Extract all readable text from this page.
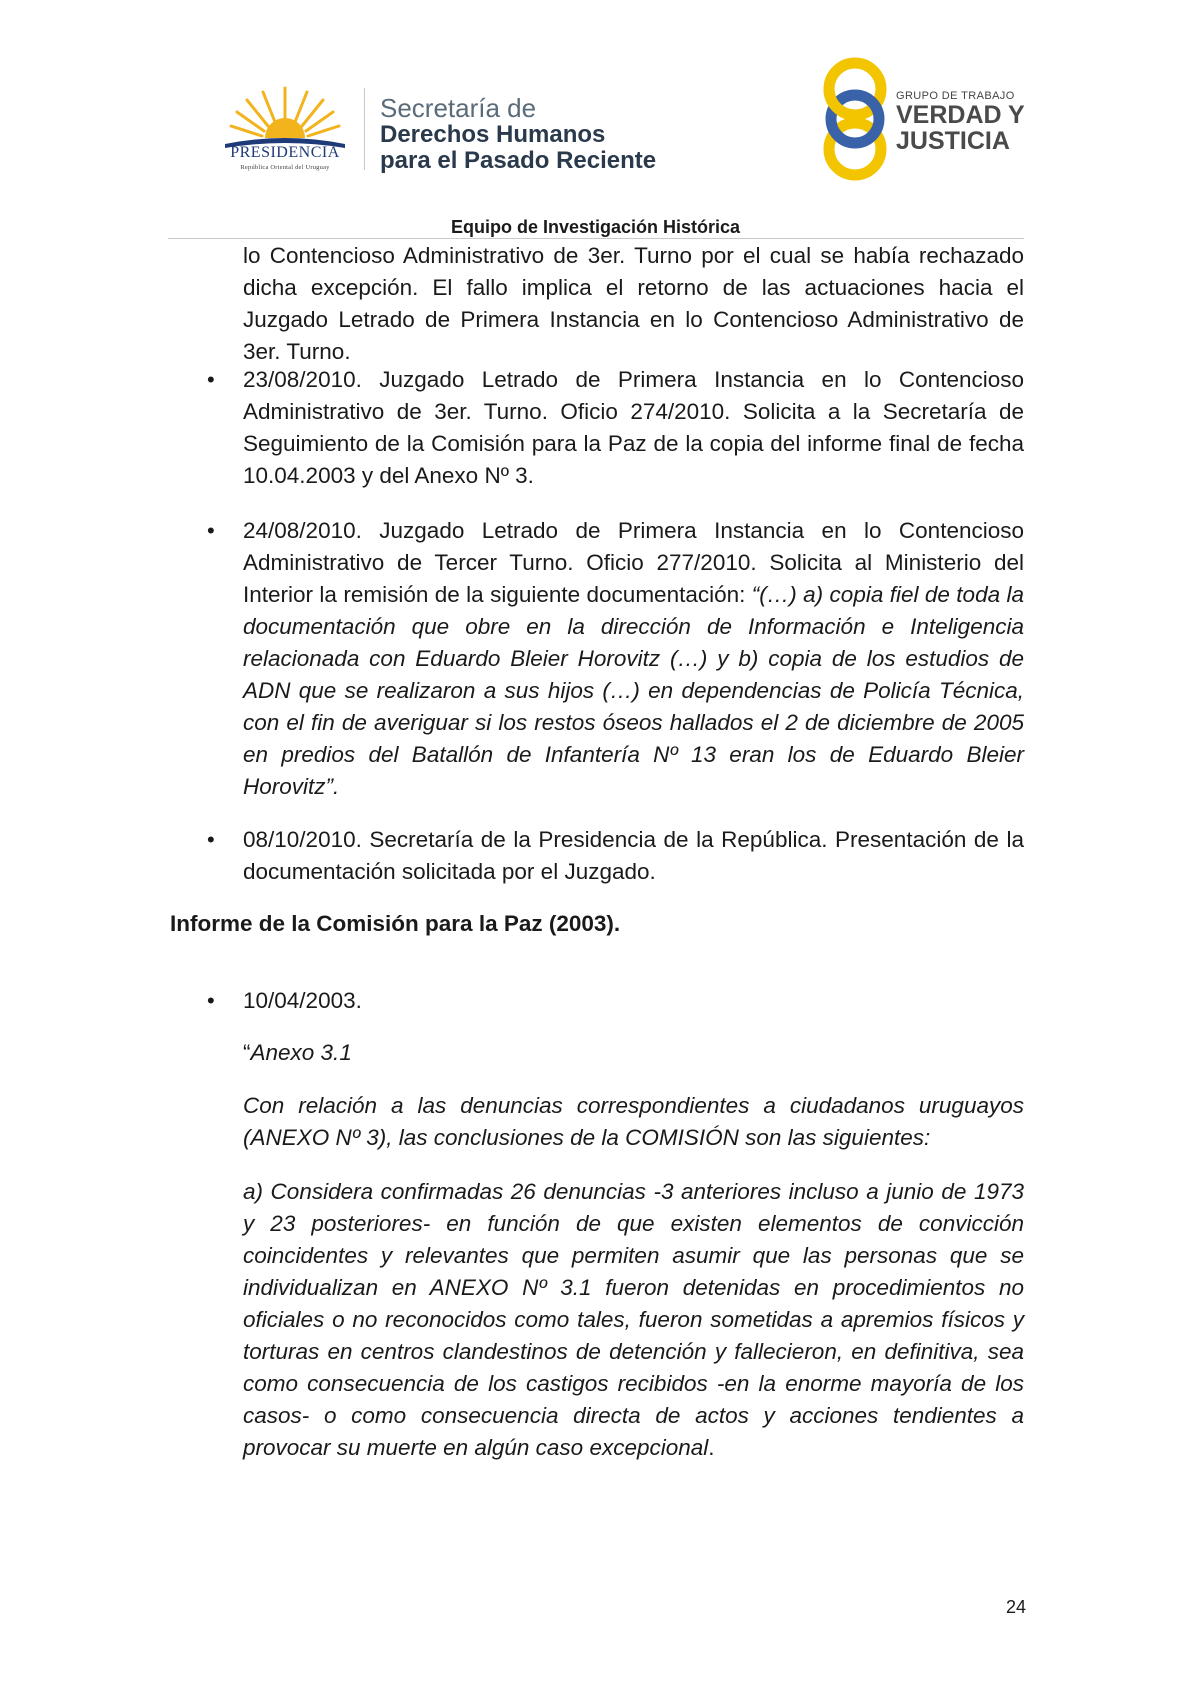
PRESIDENCIA
República Oriental del Uruguay
Secretaría de
Derechos Humanos
para el Pasado Reciente
GRUPO DE TRABAJO
VERDAD Y
JUSTICIA
Equipo de Investigación Histórica
lo Contencioso Administrativo de 3er. Turno por el cual se había rechazado dicha excepción. El fallo implica el retorno de las actuaciones hacia el Juzgado Letrado de Primera Instancia en lo Contencioso Administrativo de 3er. Turno.
• 23/08/2010. Juzgado Letrado de Primera Instancia en lo Contencioso Administrativo de 3er. Turno. Oficio 274/2010. Solicita a la Secretaría de Seguimiento de la Comisión para la Paz de la copia del informe final de fecha 10.04.2003 y del Anexo Nº 3.
• 24/08/2010. Juzgado Letrado de Primera Instancia en lo Contencioso Administrativo de Tercer Turno. Oficio 277/2010. Solicita al Ministerio del Interior la remisión de la siguiente documentación: “(…) a) copia fiel de toda la documentación que obre en la dirección de Información e Inteligencia relacionada con Eduardo Bleier Horovitz (…) y b) copia de los estudios de ADN que se realizaron a sus hijos (…) en dependencias de Policía Técnica, con el fin de averiguar si los restos óseos hallados el 2 de diciembre de 2005 en predios del Batallón de Infantería Nº 13 eran los de Eduardo Bleier Horovitz”.
• 08/10/2010. Secretaría de la Presidencia de la República. Presentación de la documentación solicitada por el Juzgado.
Informe de la Comisión para la Paz (2003).
• 10/04/2003.
“Anexo 3.1
Con relación a las denuncias correspondientes a ciudadanos uruguayos (ANEXO Nº 3), las conclusiones de la COMISIÓN son las siguientes:
a) Considera confirmadas 26 denuncias -3 anteriores incluso a junio de 1973 y 23 posteriores- en función de que existen elementos de convicción coincidentes y relevantes que permiten asumir que las personas que se individualizan en ANEXO Nº 3.1 fueron detenidas en procedimientos no oficiales o no reconocidos como tales, fueron sometidas a apremios físicos y torturas en centros clandestinos de detención y fallecieron, en definitiva, sea como consecuencia de los castigos recibidos -en la enorme mayoría de los casos- o como consecuencia directa de actos y acciones tendientes a provocar su muerte en algún caso excepcional.
24
